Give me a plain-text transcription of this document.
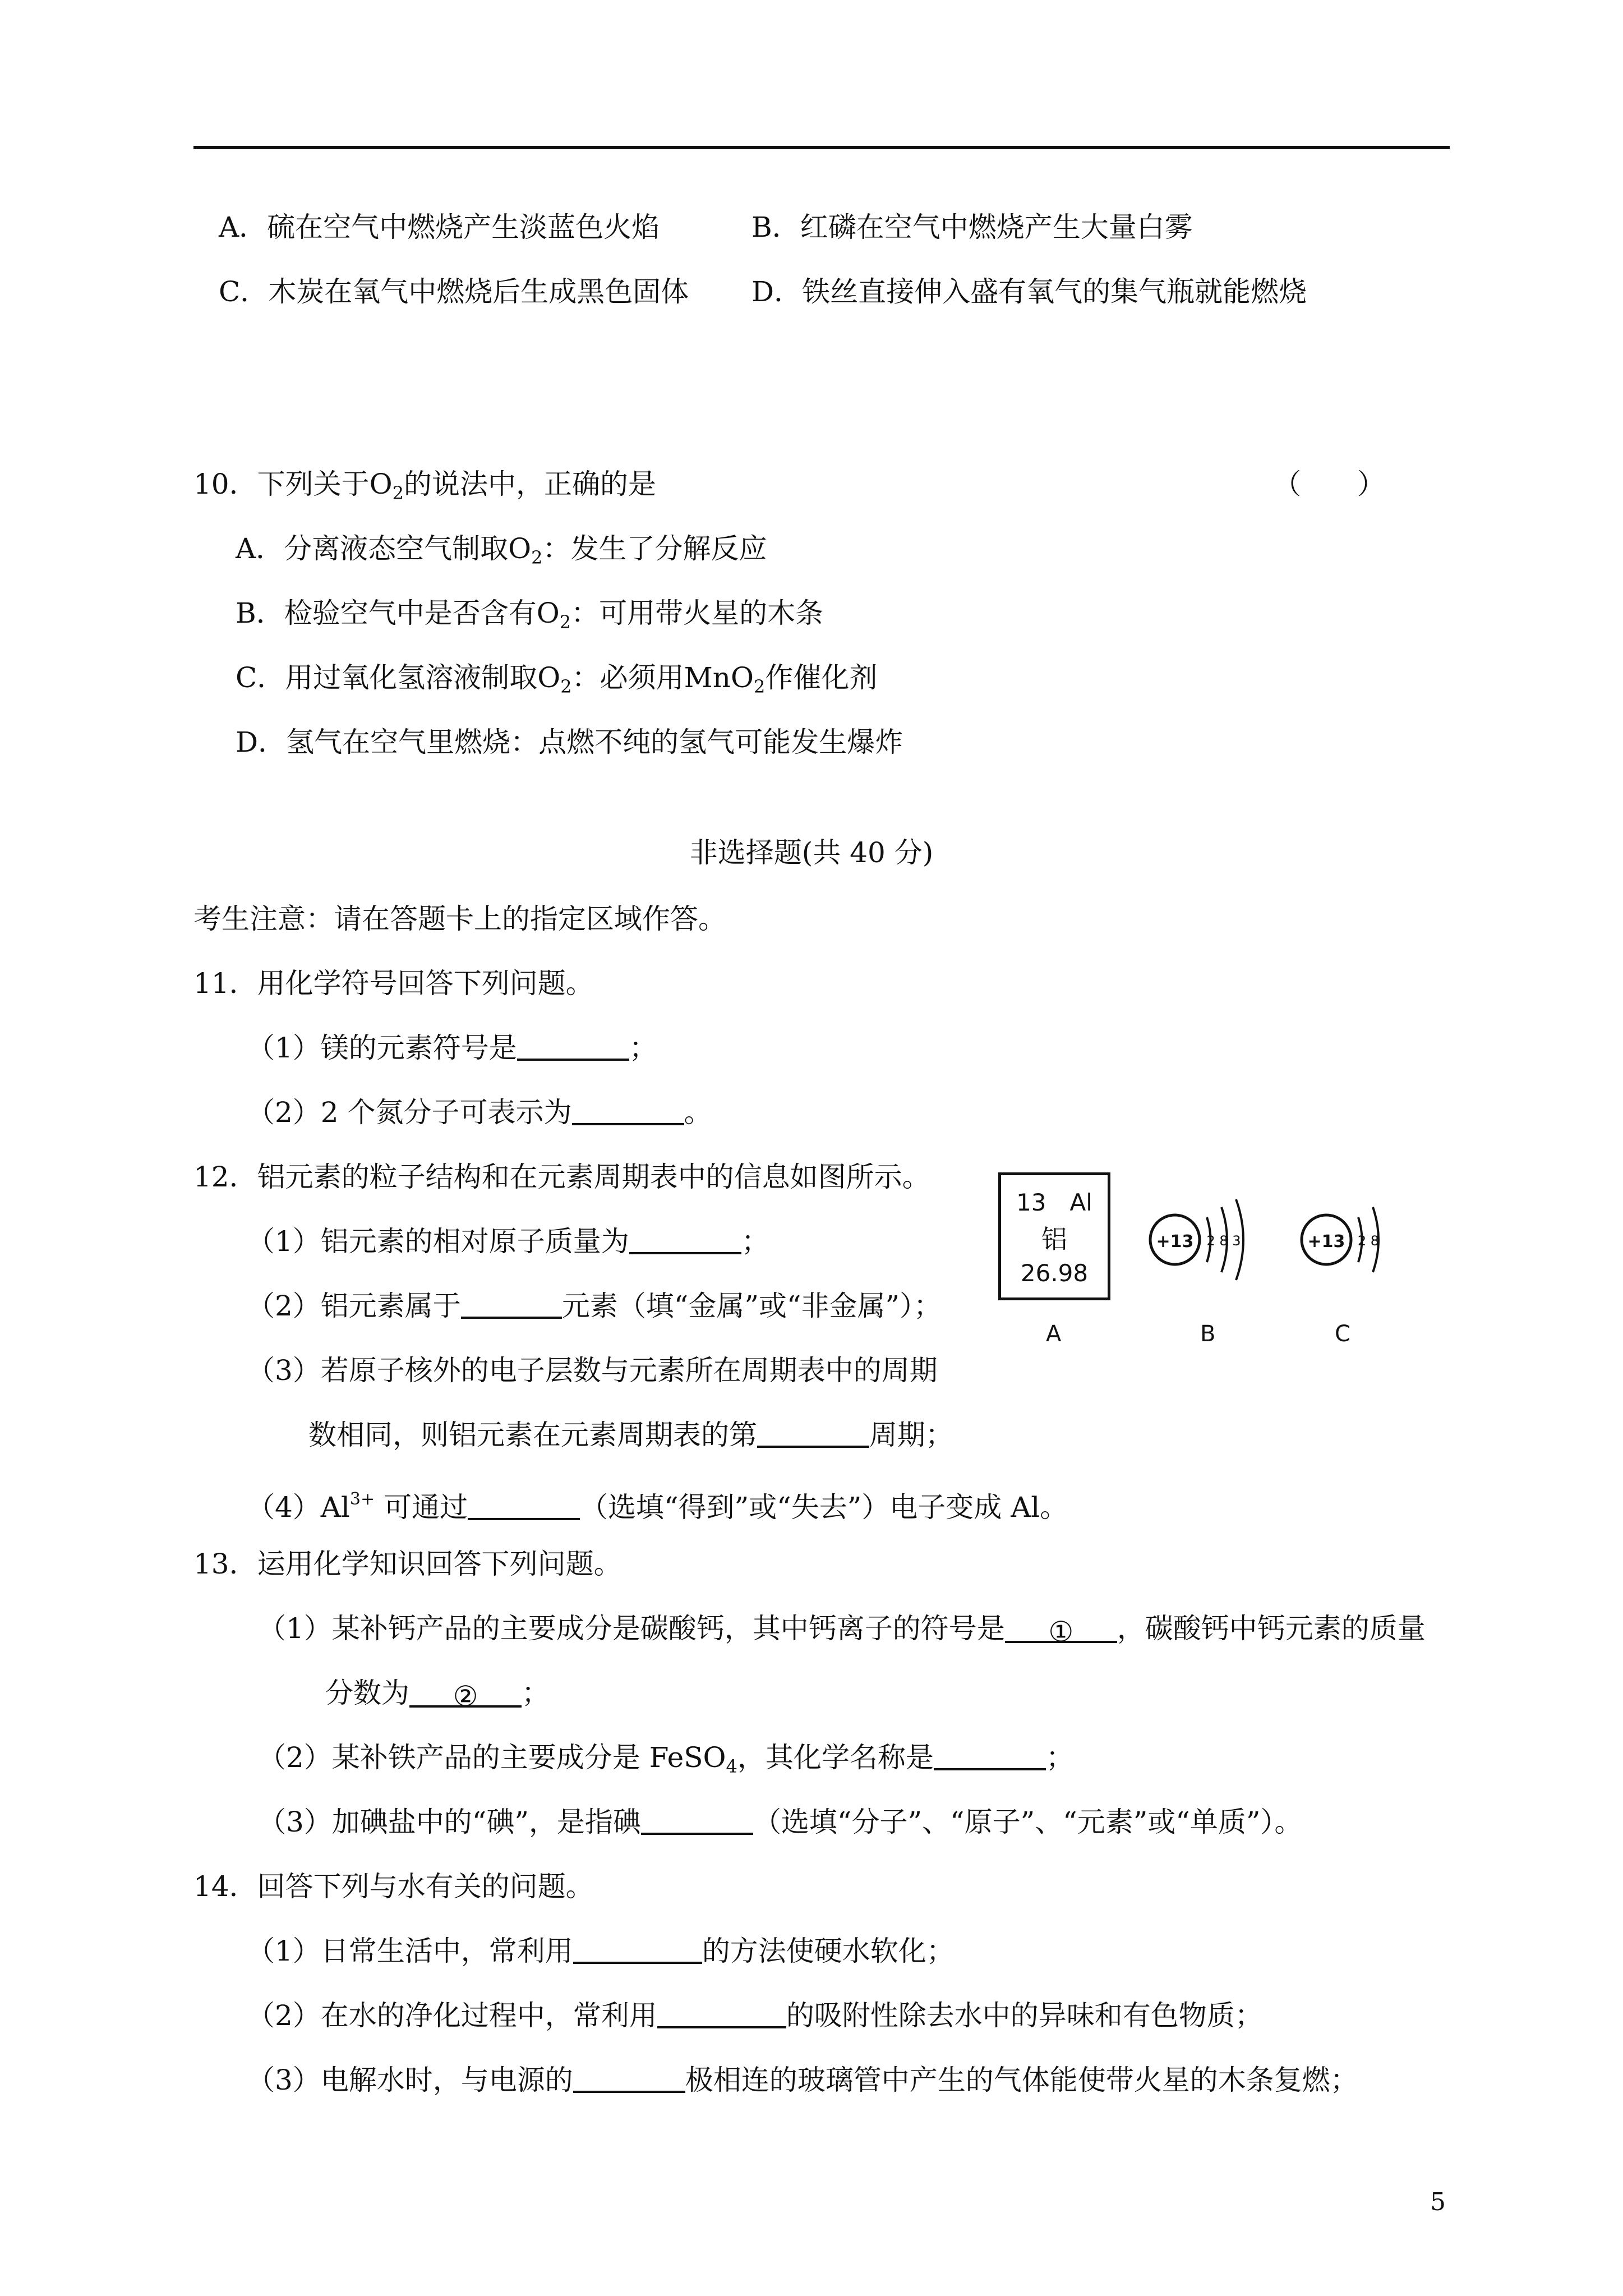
A．硫在空气中燃烧产生淡蓝色火焰	B．红磷在空气中燃烧产生大量白雾
C．木炭在氧气中燃烧后生成黑色固体 D．铁丝直接伸入盛有氧气的集气瓶就能燃烧
10．下列关于$O_2$的说法中，正确的是	（　　）
A．分离液态空气制取$O_2$：发生了分解反应
B．检验空气中是否含有$O_2$：可用带火星的木条
C．用过氧化氢溶液制取$O_2$：必须用MnO$_2$作催化剂
D．氢气在空气里燃烧：点燃不纯的氢气可能发生爆炸
非选择题(共 40 分)
考生注意：请在答题卡上的指定区域作答。
11．用化学符号回答下列问题。
（1）镁的元素符号是	；
（2）2 个氮分子可表示为	。
12．铝元素的粒子结构和在元素周期表中的信息如图所示。
（1）铝元素的相对原子质量为	；
（2）铝元素属于	元素（填“金属”或“非金属”）；
（3）若原子核外的电子层数与元素所在周期表中的周期
数相同，则铝元素在元素周期表的第	周期；
$(4)Al^{3+}$ 可通过	（选填“得到”或“失去”）电子变成 Al。
13　Al
铝
26.98
A
+13 2 8 3
B
+13 2 8
C
13．运用化学知识回答下列问题。
（1）某补钙产品的主要成分是碳酸钙，其中钙离子的符号是 ① ，碳酸钙中钙元素的质量
分数为 ② ；
（2）某补铁产品的主要成分是 FeSO$_4$，其化学名称是	；
（3）加碘盐中的“碘”，是指碘	（选填“分子”、“原子”、“元素”或“单质”）。
14．回答下列与水有关的问题。
（1）日常生活中，常利用	的方法使硬水软化；
（2）在水的净化过程中，常利用	的吸附性除去水中的异味和有色物质；
（3）电解水时，与电源的	极相连的玻璃管中产生的气体能使带火星的木条复燃；
5
